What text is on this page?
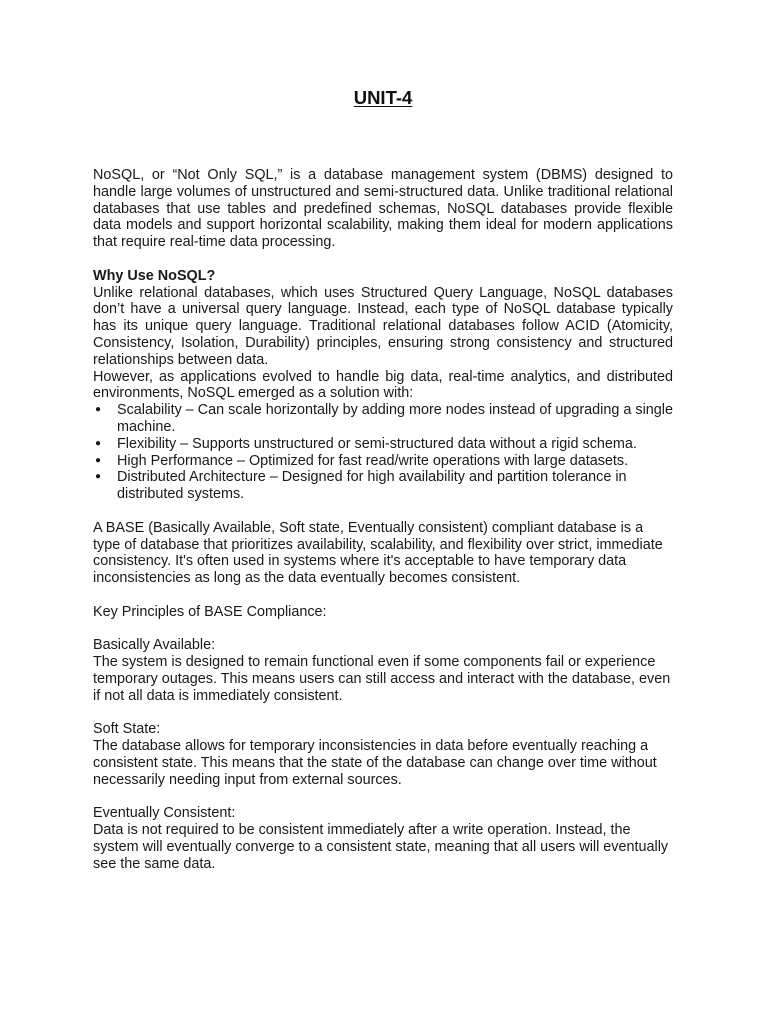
UNIT-4

NoSQL, or “Not Only SQL,” is a database management system (DBMS) designed to handle large volumes of unstructured and semi-structured data. Unlike traditional relational databases that use tables and predefined schemas, NoSQL databases provide flexible data models and support horizontal scalability, making them ideal for modern applications that require real-time data processing.

Why Use NoSQL?

Unlike relational databases, which uses Structured Query Language, NoSQL databases don’t have a universal query language. Instead, each type of NoSQL database typically has its unique query language. Traditional relational databases follow ACID (Atomicity, Consistency, Isolation, Durability) principles, ensuring strong consistency and structured relationships between data.

However, as applications evolved to handle big data, real-time analytics, and distributed environments, NoSQL emerged as a solution with:

● Scalability – Can scale horizontally by adding more nodes instead of upgrading a single machine.
● Flexibility – Supports unstructured or semi-structured data without a rigid schema.
● High Performance – Optimized for fast read/write operations with large datasets.
● Distributed Architecture – Designed for high availability and partition tolerance in distributed systems.

A BASE (Basically Available, Soft state, Eventually consistent) compliant database is a type of database that prioritizes availability, scalability, and flexibility over strict, immediate consistency. It's often used in systems where it's acceptable to have temporary data inconsistencies as long as the data eventually becomes consistent.

Key Principles of BASE Compliance:

Basically Available:

The system is designed to remain functional even if some components fail or experience temporary outages. This means users can still access and interact with the database, even if not all data is immediately consistent.

Soft State:

The database allows for temporary inconsistencies in data before eventually reaching a consistent state. This means that the state of the database can change over time without necessarily needing input from external sources.

Eventually Consistent:

Data is not required to be consistent immediately after a write operation. Instead, the system will eventually converge to a consistent state, meaning that all users will eventually see the same data.
